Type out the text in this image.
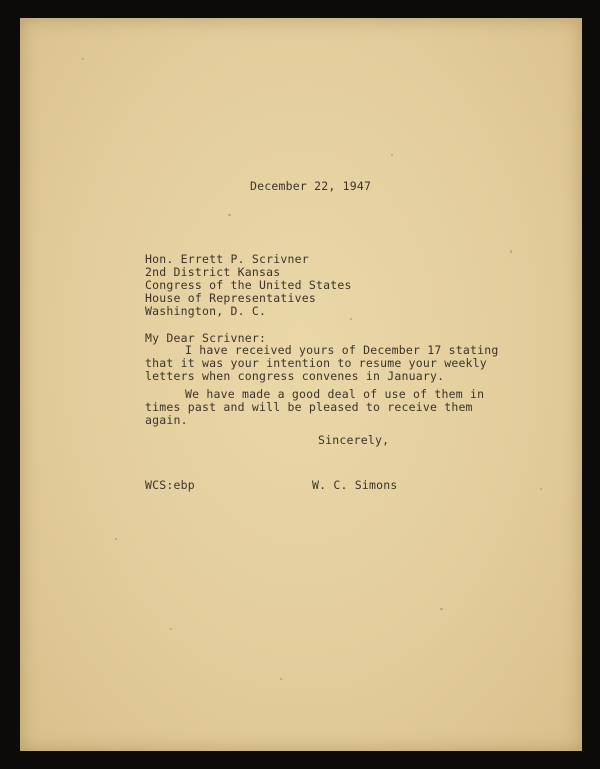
December 22, 1947
Hon. Errett P. Scrivner
2nd District Kansas
Congress of the United States
House of Representatives
Washington, D. C.
My Dear Scrivner:
I have received yours of December 17 stating
that it was your intention to resume your weekly
letters when congress convenes in January.
We have made a good deal of use of them in
times past and will be pleased to receive them
again.
Sincerely,
WCS:ebp	W. C. Simons
